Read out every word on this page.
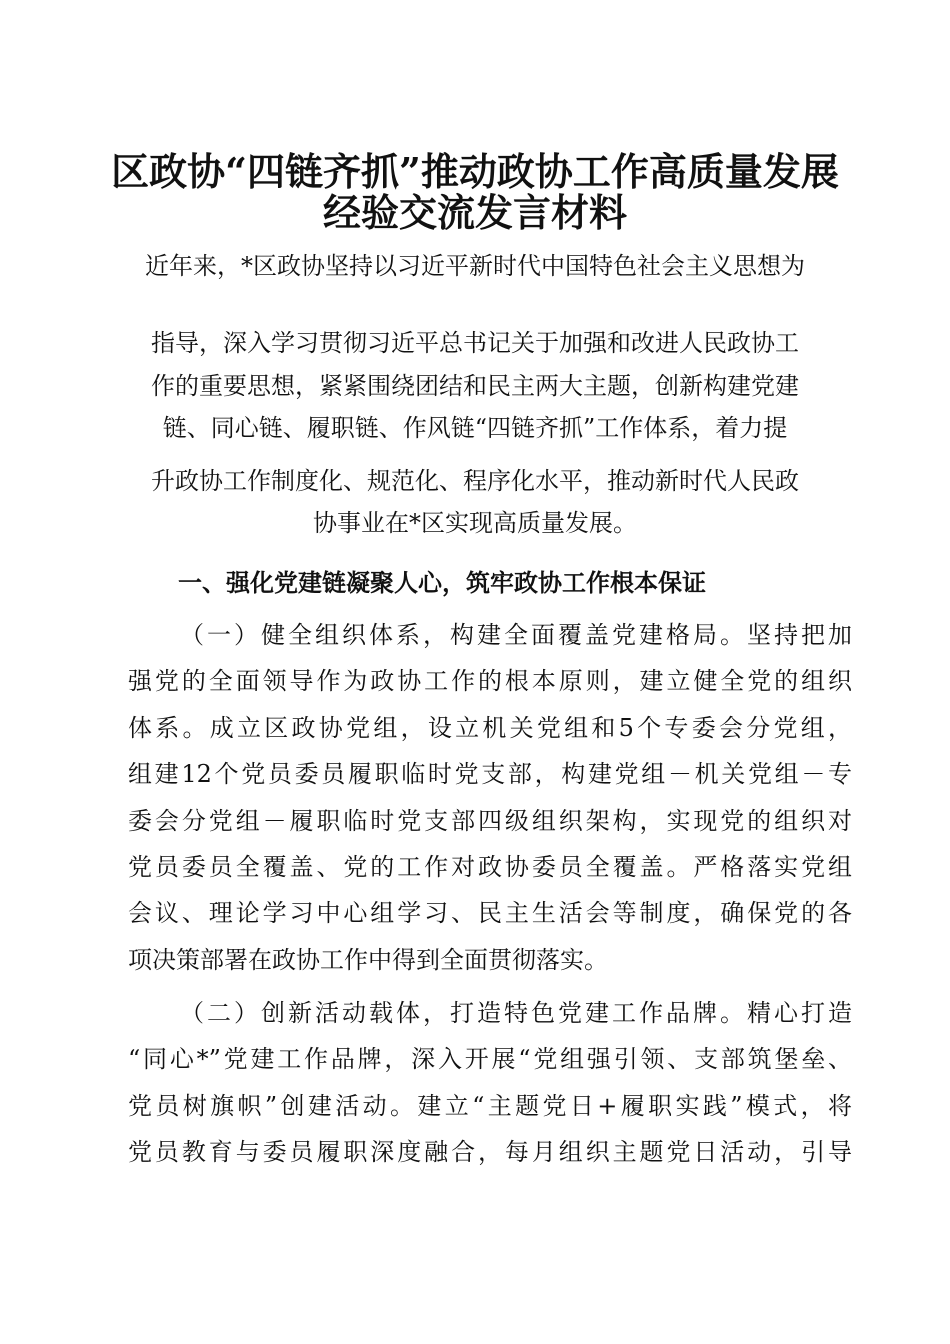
区政协“四链齐抓”推动政协工作高质量发展
经验交流发言材料
近年来，*区政协坚持以习近平新时代中国特色社会主义思想为
指导，深入学习贯彻习近平总书记关于加强和改进人民政协工
作的重要思想，紧紧围绕团结和民主两大主题，创新构建党建
链、同心链、履职链、作风链“四链齐抓”工作体系，着力提
升政协工作制度化、规范化、程序化水平，推动新时代人民政
协事业在*区实现高质量发展。
一、强化党建链凝聚人心，筑牢政协工作根本保证
（一）健全组织体系，构建全面覆盖党建格局。坚持把加
强党的全面领导作为政协工作的根本原则，建立健全党的组织
体系。成立区政协党组，设立机关党组和5个专委会分党组，
组建12个党员委员履职临时党支部，构建党组－机关党组－专
委会分党组－履职临时党支部四级组织架构，实现党的组织对
党员委员全覆盖、党的工作对政协委员全覆盖。严格落实党组
会议、理论学习中心组学习、民主生活会等制度，确保党的各
项决策部署在政协工作中得到全面贯彻落实。
（二）创新活动载体，打造特色党建工作品牌。精心打造
“同心*”党建工作品牌，深入开展“党组强引领、支部筑堡垒、
党员树旗帜”创建活动。建立“主题党日+履职实践”模式，将
党员教育与委员履职深度融合，每月组织主题党日活动，引导
